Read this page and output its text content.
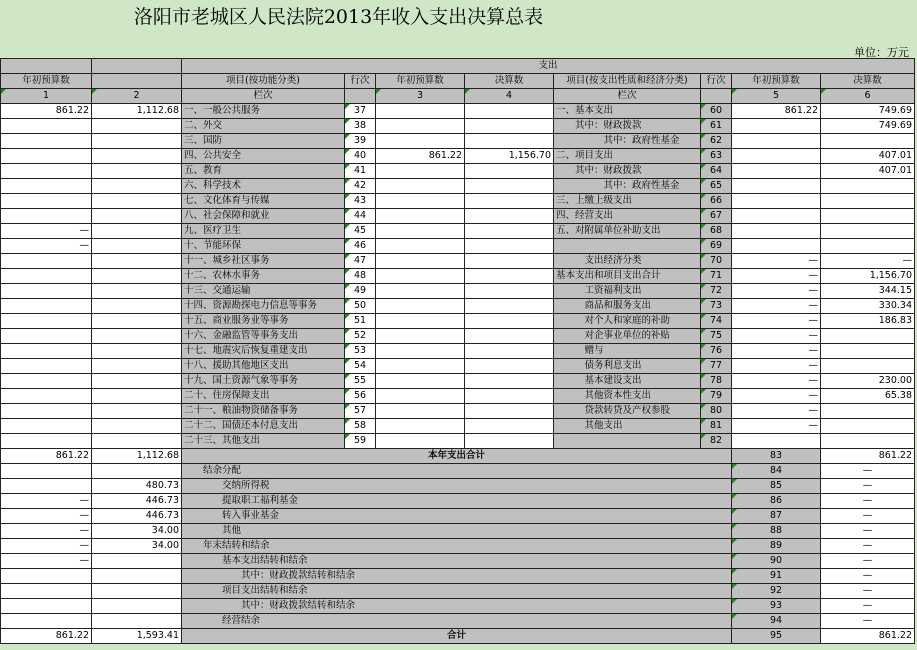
洛阳市老城区人民法院2013年收入支出决算总表
单位：万元
		支出								
年初预算数		项目(按功能分类)	行次	年初预算数	决算数	项目(按支出性质和经济分类)	行次	年初预算数	决算数	
1	2	栏次		3	4	栏次		5	6	
861.22	1,112.68	一、一般公共服务	37			一、基本支出	60	861.22	749.69	
		二、外交	38			　　其中：财政拨款	61		749.69	
		三、国防	39			　　　　　其中：政府性基金	62			
		四、公共安全	40	861.22	1,156.70	二、项目支出	63		407.01	
		五、教育	41			　　其中：财政拨款	64		407.01	
		六、科学技术	42			　　　　　其中：政府性基金	65			
		七、文化体育与传媒	43			三、上缴上级支出	66			
		八、社会保障和就业	44			四、经营支出	67			
—		九、医疗卫生	45			五、对附属单位补助支出	68			
—		十、节能环保	46				69			
		十一、城乡社区事务	47			　　　支出经济分类	70	—	—	
		十二、农林水事务	48			基本支出和项目支出合计	71	—	1,156.70	
		十三、交通运输	49			　　　工资福利支出	72	—	344.15	
		十四、资源勘探电力信息等事务	50			　　　商品和服务支出	73	—	330.34	
		十五、商业服务业等事务	51			　　　对个人和家庭的补助	74	—	186.83	
		十六、金融监管等事务支出	52			　　　对企事业单位的补贴	75	—		
		十七、地震灾后恢复重建支出	53			　　　赠与	76	—		
		十八、援助其他地区支出	54			　　　债务利息支出	77	—		
		十九、国土资源气象等事务	55			　　　基本建设支出	78	—	230.00	
		二十、住房保障支出	56			　　　其他资本性支出	79	—	65.38	
		二十一、粮油物资储备事务	57			　　　贷款转贷及产权参股	80	—		
		二十二、国债还本付息支出	58			　　　其他支出	81	—		
		二十三、其他支出	59				82			
861.22	1,112.68	本年支出合计						83	861.22	
		　　结余分配						84	—	
	480.73	　　　　交纳所得税						85	—	
—	446.73	　　　　提取职工福利基金						86	—	
—	446.73	　　　　转入事业基金						87	—	
—	34.00	　　　　其他						88	—	
—	34.00	　　年末结转和结余						89	—	
—		　　　　基本支出结转和结余						90	—	
		　　　　　　其中：财政拨款结转和结余						91	—	
		　　　　项目支出结转和结余						92	—	
		　　　　　　其中：财政拨款结转和结余						93	—	
		　　　　经营结余						94	—	
861.22	1,593.41	合计						95	861.22	
